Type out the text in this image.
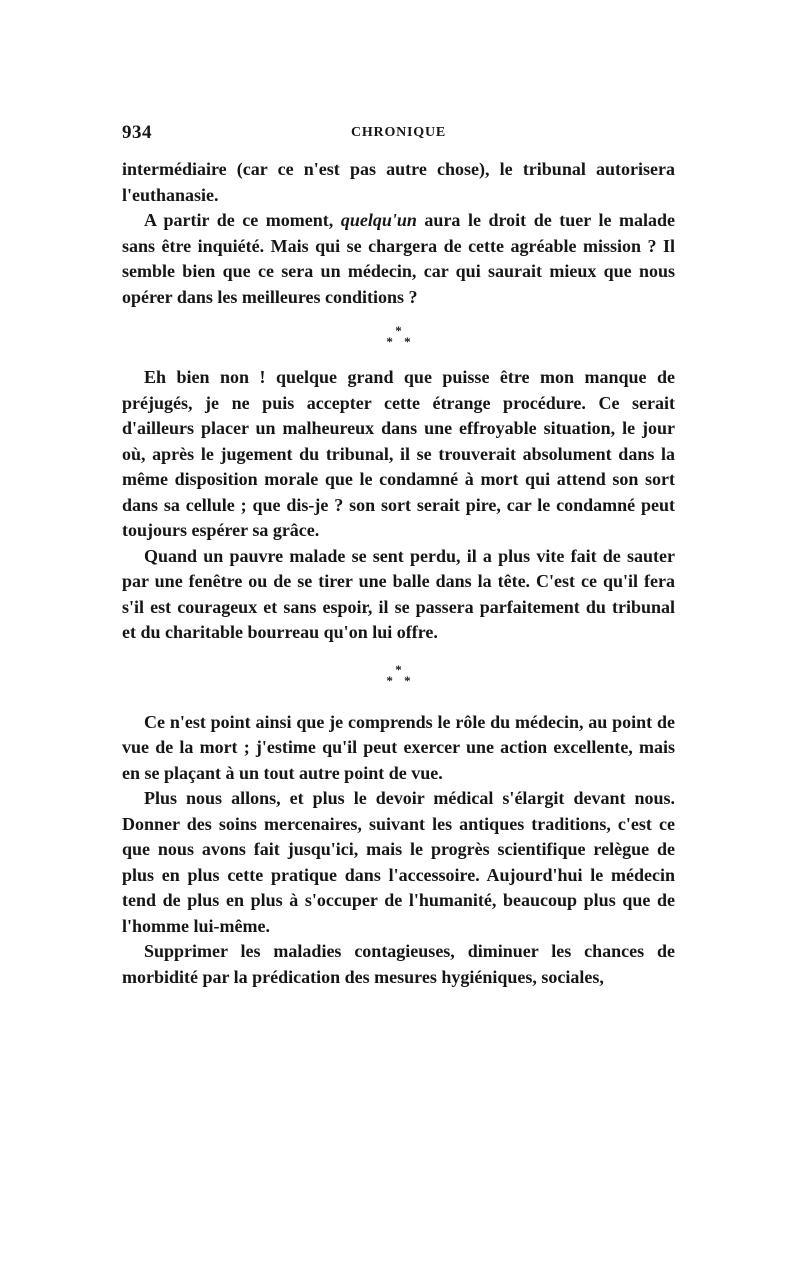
934	CHRONIQUE

intermédiaire (car ce n'est pas autre chose), le tribunal autorisera l'euthanasie.

A partir de ce moment, quelqu'un aura le droit de tuer le malade sans être inquiété. Mais qui se chargera de cette agréable mission ? Il semble bien que ce sera un médecin, car qui saurait mieux que nous opérer dans les meilleures conditions ?

*
* *

Eh bien non ! quelque grand que puisse être mon manque de préjugés, je ne puis accepter cette étrange procédure. Ce serait d'ailleurs placer un malheureux dans une effroyable situation, le jour où, après le jugement du tribunal, il se trouverait absolument dans la même disposition morale que le condamné à mort qui attend son sort dans sa cellule ; que dis-je ? son sort serait pire, car le condamné peut toujours espérer sa grâce.

Quand un pauvre malade se sent perdu, il a plus vite fait de sauter par une fenêtre ou de se tirer une balle dans la tête. C'est ce qu'il fera s'il est courageux et sans espoir, il se passera parfaitement du tribunal et du charitable bourreau qu'on lui offre.

*
* *

Ce n'est point ainsi que je comprends le rôle du médecin, au point de vue de la mort ; j'estime qu'il peut exercer une action excellente, mais en se plaçant à un tout autre point de vue.

Plus nous allons, et plus le devoir médical s'élargit devant nous. Donner des soins mercenaires, suivant les antiques traditions, c'est ce que nous avons fait jusqu'ici, mais le progrès scientifique relègue de plus en plus cette pratique dans l'accessoire. Aujourd'hui le médecin tend de plus en plus à s'occuper de l'humanité, beaucoup plus que de l'homme lui-même.

Supprimer les maladies contagieuses, diminuer les chances de morbidité par la prédication des mesures hygiéniques, sociales,
